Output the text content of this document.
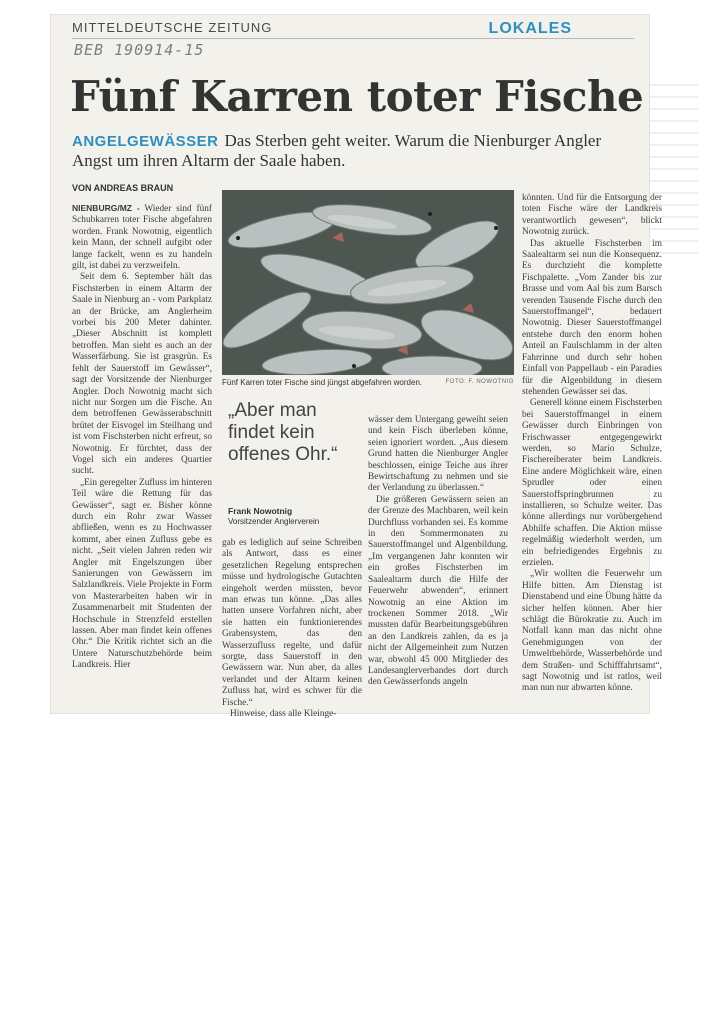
MITTELDEUTSCHE ZEITUNG	LOKALES
BEB 190914-15
Fünf Karren toter Fische
ANGELGEWÄSSER Das Sterben geht weiter. Warum die Nienburger Angler Angst um ihren Altarm der Saale haben.
VON ANDREAS BRAUN

NIENBURG/MZ - Wieder sind fünf Schubkarren toter Fische abgefahren worden. Frank Nowotnig, eigentlich kein Mann, der schnell aufgibt oder lange fackelt, wenn es zu handeln gilt, ist dabei zu verzweifeln.

Seit dem 6. September hält das Fischsterben in einem Altarm der Saale in Nienburg an - vom Parkplatz an der Brücke, am Anglerheim vorbei bis 200 Meter dahinter. „Dieser Abschnitt ist komplett betroffen. Man sieht es auch an der Wasserfärbung. Sie ist grasgrün. Es fehlt der Sauerstoff im Gewässer“, sagt der Vorsitzende der Nienburger Angler. Doch Nowotnig macht sich nicht nur Sorgen um die Fische. An dem betroffenen Gewässerabschnitt brütet der Eisvogel im Steilhang und ist vom Fischsterben nicht erfreut, so Nowotnig. Er fürchtet, dass der Vogel sich ein anderes Quartier sucht.

„Ein geregelter Zufluss im hinteren Teil wäre die Rettung für das Gewässer“, sagt er. Bisher könne durch ein Rohr zwar Wasser abfließen, wenn es zu Hochwasser kommt, aber einen Zufluss gebe es nicht. „Seit vielen Jahren reden wir Angler mit Engelszungen über Sanierungen von Gewässern im Salzlandkreis. Viele Projekte in Form von Masterarbeiten haben wir in Zusammenarbeit mit Studenten der Hochschule in Strenzfeld erstellen lassen. Aber man findet kein offenes Ohr.“ Die Kritik richtet sich an die Untere Naturschutzbehörde beim Landkreis. Hier

Fünf Karren toter Fische sind jüngst abgefahren worden.	FOTO: F. NOWOTNIG
„Aber man findet kein offenes Ohr.“
Frank Nowotnig
Vorsitzender Anglerverein

gab es lediglich auf seine Schreiben als Antwort, dass es einer gesetzlichen Regelung entsprechen müsse und hydrologische Gutachten eingeholt werden müssten, bevor man etwas tun könne. „Das alles hatten unsere Vorfahren nicht, aber sie hatten ein funktionierendes Grabensystem, das den Wasserzufluss regelte, und dafür sorgte, dass Sauerstoff in den Gewässern war. Nun aber, da alles verlandet und der Altarm keinen Zufluss hat, wird es schwer für die Fische.“

Hinweise, dass alle Kleinge-

wässer dem Untergang geweiht seien und kein Fisch überleben könne, seien ignoriert worden. „Aus diesem Grund hatten die Nienburger Angler beschlossen, einige Teiche aus ihrer Bewirtschaftung zu nehmen und sie der Verlandung zu überlassen.“

Die größeren Gewässern seien an der Grenze des Machbaren, weil kein Durchfluss vorhanden sei. Es komme in den Sommermonaten zu Sauerstoffmangel und Algenbildung. „Im vergangenen Jahr konnten wir ein großes Fischsterben im Saalealtarm durch die Hilfe der Feuerwehr abwenden“, erinnert Nowotnig an eine Aktion im trockenen Sommer 2018. „Wir mussten dafür Bearbeitungsgebühren an den Landkreis zahlen, da es ja nicht der Allgemeinheit zum Nutzen war, obwohl 45 000 Mitglieder des Landesanglerverbandes dort durch den Gewässerfonds angeln

könnten. Und für die Entsorgung der toten Fische wäre der Landkreis verantwortlich gewesen“, blickt Nowotnig zurück.

Das aktuelle Fischsterben im Saalealtarm sei nun die Konsequenz. Es durchzieht die komplette Fischpalette. „Vom Zander bis zur Brasse und vom Aal bis zum Barsch verenden Tausende Fische durch den Sauerstoffmangel“, bedauert Nowotnig. Dieser Sauerstoffmangel entstehe durch den enorm hohen Anteil an Faulschlamm in der alten Fahrrinne und durch sehr hohen Einfall von Pappellaub - ein Paradies für die Algenbildung in diesem stehenden Gewässer sei das.

Generell könne einem Fischsterben bei Sauerstoffmangel in einem Gewässer durch Einbringen von Frischwasser entgegengewirkt werden, so Mario Schulze, Fischereiberater beim Landkreis. Eine andere Möglichkeit wäre, einen Sprudler oder einen Sauerstoffspringbrunnen zu installieren, so Schulze weiter. Das könne allerdings nur vorübergehend Abhilfe schaffen. Die Aktion müsse regelmäßig wiederholt werden, um ein befriedigendes Ergebnis zu erzielen.

„Wir wollten die Feuerwehr um Hilfe bitten. Am Dienstag ist Dienstabend und eine Übung hätte da sicher helfen können. Aber hier schlägt die Bürokratie zu. Auch im Notfall kann man das nicht ohne Genehmigungen von der Umweltbehörde, Wasserbehörde und dem Straßen- und Schifffahrtsamt“, sagt Nowotnig und ist ratlos, weil man nun nur abwarten könne.
